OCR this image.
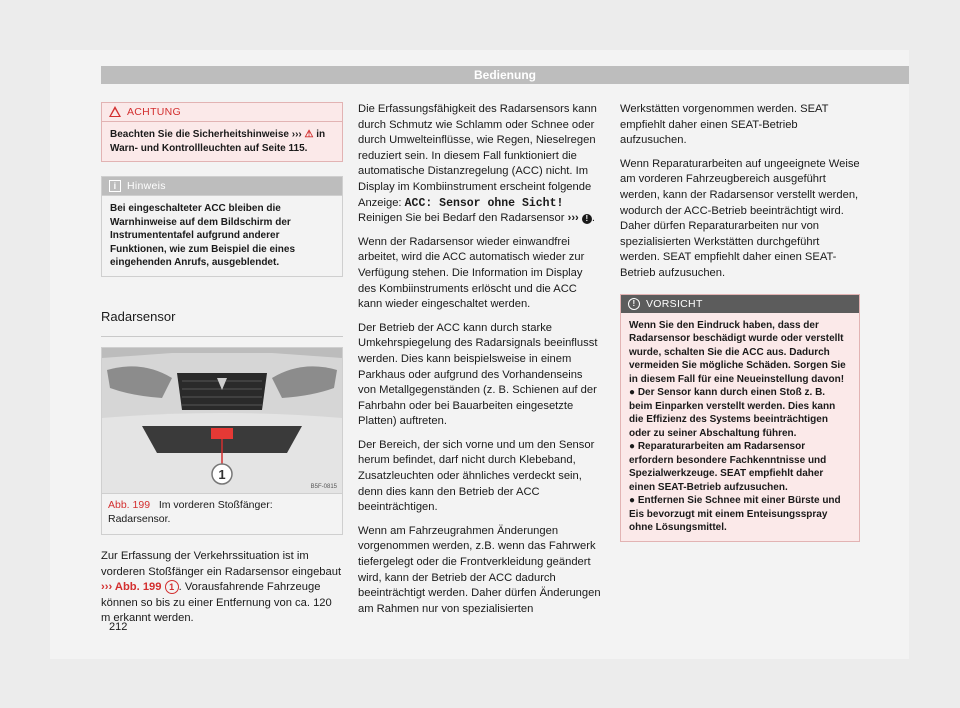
Bedienung
ACHTUNG
Beachten Sie die Sicherheitshinweise ››› ⚠ in Warn- und Kontrollleuchten auf Seite 115.
i	Hinweis
Bei eingeschalteter ACC bleiben die Warnhinweise auf dem Bildschirm der Instrumententafel aufgrund anderer Funktionen, wie zum Beispiel die eines eingehenden Anrufs, ausgeblendet.
Radarsensor
1
B5F-0815
Abb. 199 Im vorderen Stoßfänger: Radarsensor.

Zur Erfassung der Verkehrssituation ist im vorderen Stoßfänger ein Radarsensor eingebaut ››› Abb. 199 1 . Vorausfahrende Fahrzeuge können so bis zu einer Entfernung von ca. 120 m erkannt werden.

Die Erfassungsfähigkeit des Radarsensors kann durch Schmutz wie Schlamm oder Schnee oder durch Umwelteinflüsse, wie Regen, Nieselregen reduziert sein. In diesem Fall funktioniert die automatische Distanzregelung (ACC) nicht. Im Display im Kombiinstrument erscheint folgende Anzeige: ACC: Sensor ohne Sicht! Reinigen Sie bei Bedarf den Radarsensor ››› ! .

Wenn der Radarsensor wieder einwandfrei arbeitet, wird die ACC automatisch wieder zur Verfügung stehen. Die Information im Display des Kombiinstruments erlöscht und die ACC kann wieder eingeschaltet werden.

Der Betrieb der ACC kann durch starke Umkehrspiegelung des Radarsignals beeinflusst werden. Dies kann beispielsweise in einem Parkhaus oder aufgrund des Vorhandenseins von Metallgegenständen (z. B. Schienen auf der Fahrbahn oder bei Bauarbeiten eingesetzte Platten) auftreten.

Der Bereich, der sich vorne und um den Sensor herum befindet, darf nicht durch Klebeband, Zusatzleuchten oder ähnliches verdeckt sein, denn dies kann den Betrieb der ACC beeinträchtigen.

Wenn am Fahrzeugrahmen Änderungen vorgenommen werden, z.B. wenn das Fahrwerk tiefergelegt oder die Frontverkleidung geändert wird, kann der Betrieb der ACC dadurch beeinträchtigt werden. Daher dürfen Änderungen am Rahmen nur von spezialisierten

Werkstätten vorgenommen werden. SEAT empfiehlt daher einen SEAT-Betrieb aufzusuchen.

Wenn Reparaturarbeiten auf ungeeignete Weise am vorderen Fahrzeugbereich ausgeführt werden, kann der Radarsensor verstellt werden, wodurch der ACC-Betrieb beeinträchtigt wird. Daher dürfen Reparaturarbeiten nur von spezialisierten Werkstätten durchgeführt werden. SEAT empfiehlt daher einen SEAT-Betrieb aufzusuchen.

!	VORSICHT
Wenn Sie den Eindruck haben, dass der Radarsensor beschädigt wurde oder verstellt wurde, schalten Sie die ACC aus. Dadurch vermeiden Sie mögliche Schäden. Sorgen Sie in diesem Fall für eine Neueinstellung davon!
● Der Sensor kann durch einen Stoß z. B. beim Einparken verstellt werden. Dies kann die Effizienz des Systems beeinträchtigen oder zu seiner Abschaltung führen.
● Reparaturarbeiten am Radarsensor erfordern besondere Fachkenntnisse und Spezialwerkzeuge. SEAT empfiehlt daher einen SEAT-Betrieb aufzusuchen.
● Entfernen Sie Schnee mit einer Bürste und Eis bevorzugt mit einem Enteisungsspray ohne Lösungsmittel.
212
